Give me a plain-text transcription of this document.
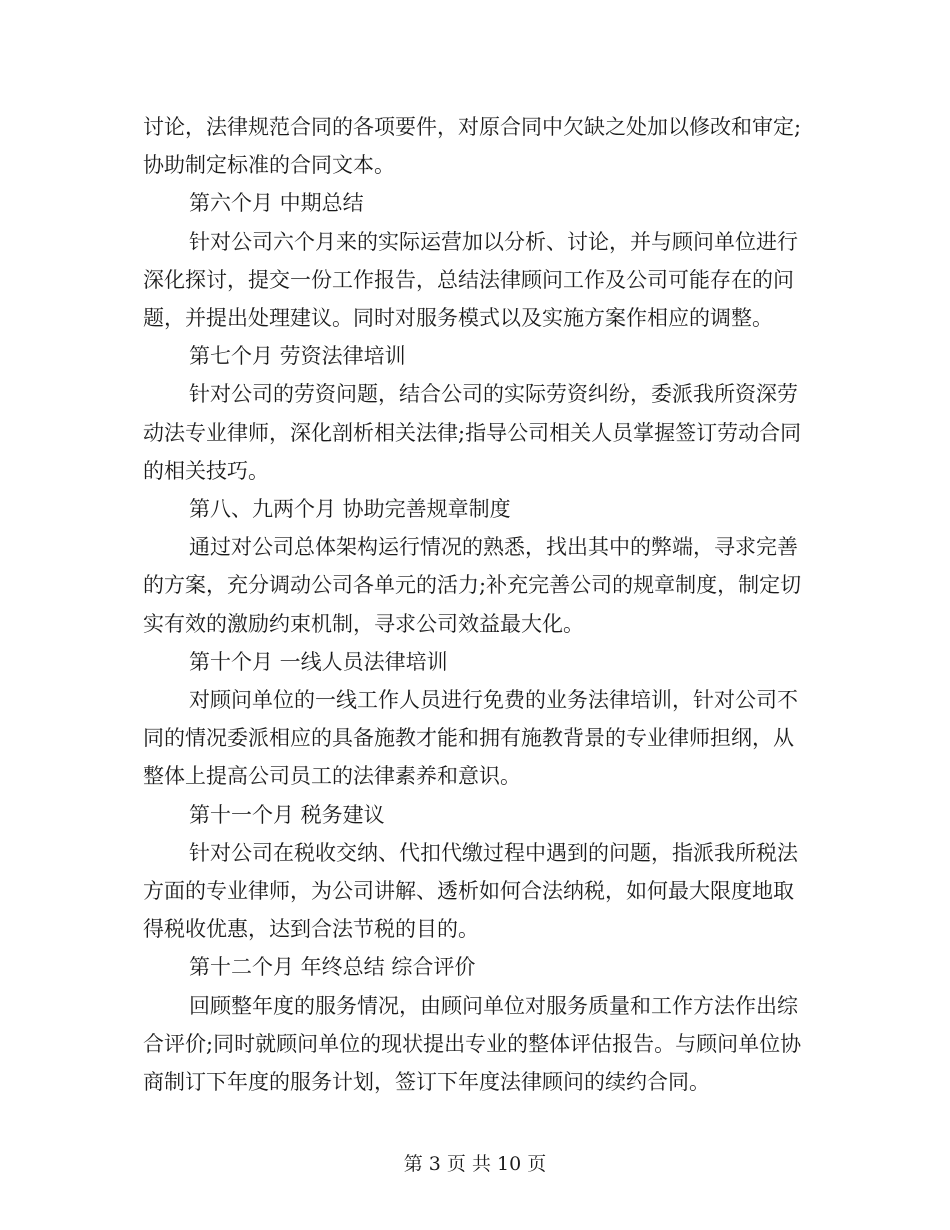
讨论，法律规范合同的各项要件，对原合同中欠缺之处加以修改和审定;协助制定标准的合同文本。

第六个月 中期总结

针对公司六个月来的实际运营加以分析、讨论，并与顾问单位进行深化探讨，提交一份工作报告，总结法律顾问工作及公司可能存在的问题，并提出处理建议。同时对服务模式以及实施方案作相应的调整。

第七个月 劳资法律培训

针对公司的劳资问题，结合公司的实际劳资纠纷，委派我所资深劳动法专业律师，深化剖析相关法律;指导公司相关人员掌握签订劳动合同的相关技巧。

第八、九两个月 协助完善规章制度

通过对公司总体架构运行情况的熟悉，找出其中的弊端，寻求完善的方案，充分调动公司各单元的活力;补充完善公司的规章制度，制定切实有效的激励约束机制，寻求公司效益最大化。

第十个月 一线人员法律培训

对顾问单位的一线工作人员进行免费的业务法律培训，针对公司不同的情况委派相应的具备施教才能和拥有施教背景的专业律师担纲，从整体上提高公司员工的法律素养和意识。

第十一个月 税务建议

针对公司在税收交纳、代扣代缴过程中遇到的问题，指派我所税法方面的专业律师，为公司讲解、透析如何合法纳税，如何最大限度地取得税收优惠，达到合法节税的目的。

第十二个月 年终总结 综合评价

回顾整年度的服务情况，由顾问单位对服务质量和工作方法作出综合评价;同时就顾问单位的现状提出专业的整体评估报告。与顾问单位协商制订下年度的服务计划，签订下年度法律顾问的续约合同。

第 3 页 共 10 页
